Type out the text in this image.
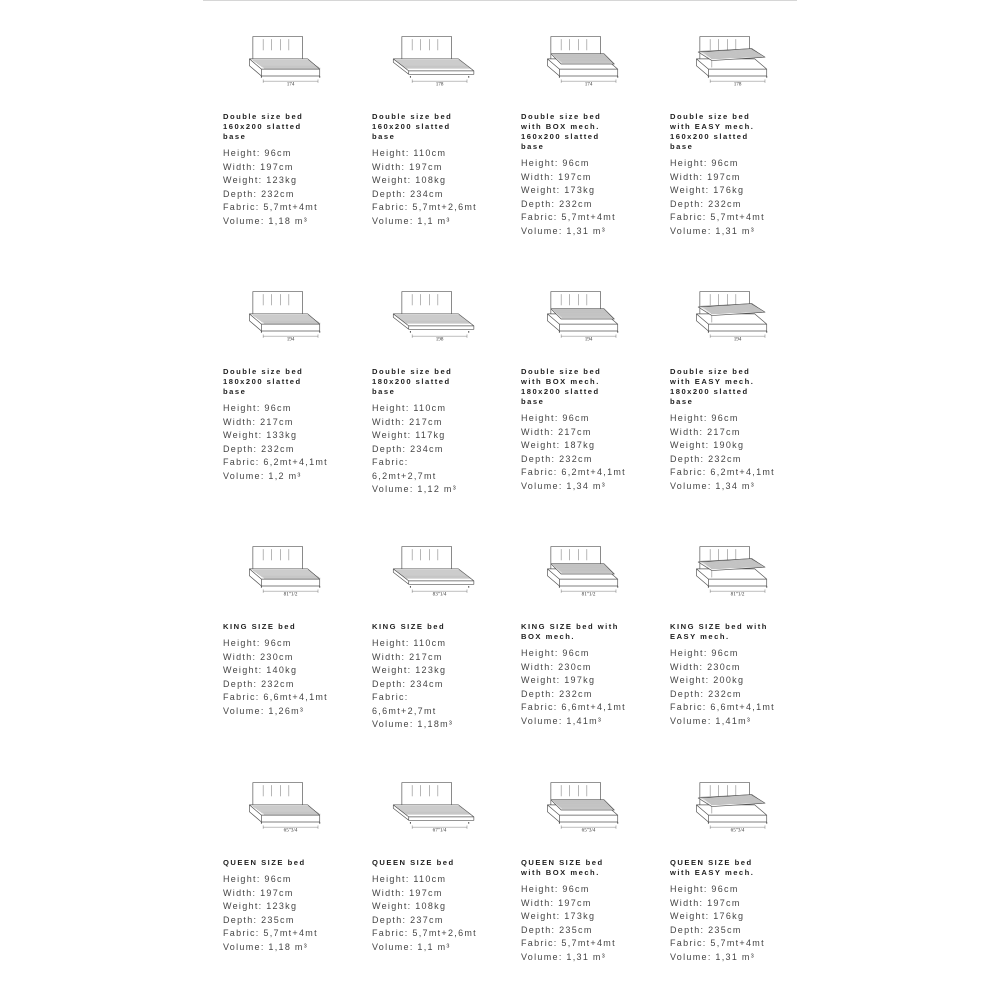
174
Double size bed
160x200 slatted
base
Height: 96cm
Width: 197cm
Weight: 123kg
Depth: 232cm
Fabric: 5,7mt+4mt
Volume: 1,18 m³
178
Double size bed
160x200 slatted
base
Height: 110cm
Width: 197cm
Weight: 108kg
Depth: 234cm
Fabric: 5,7mt+2,6mt
Volume: 1,1 m³
174
Double size bed
with BOX mech.
160x200 slatted
base
Height: 96cm
Width: 197cm
Weight: 173kg
Depth: 232cm
Fabric: 5,7mt+4mt
Volume: 1,31 m³
178
Double size bed
with EASY mech.
160x200 slatted
base
Height: 96cm
Width: 197cm
Weight: 176kg
Depth: 232cm
Fabric: 5,7mt+4mt
Volume: 1,31 m³
194
Double size bed
180x200 slatted
base
Height: 96cm
Width: 217cm
Weight: 133kg
Depth: 232cm
Fabric: 6,2mt+4,1mt
Volume: 1,2 m³
198
Double size bed
180x200 slatted
base
Height: 110cm
Width: 217cm
Weight: 117kg
Depth: 234cm
Fabric:
6,2mt+2,7mt
Volume: 1,12 m³
194
Double size bed
with BOX mech.
180x200 slatted
base
Height: 96cm
Width: 217cm
Weight: 187kg
Depth: 232cm
Fabric: 6,2mt+4,1mt
Volume: 1,34 m³
194
Double size bed
with EASY mech.
180x200 slatted
base
Height: 96cm
Width: 217cm
Weight: 190kg
Depth: 232cm
Fabric: 6,2mt+4,1mt
Volume: 1,34 m³
81"1/2
KING SIZE bed
Height: 96cm
Width: 230cm
Weight: 140kg
Depth: 232cm
Fabric: 6,6mt+4,1mt
Volume: 1,26m³
83"1/4
KING SIZE bed
Height: 110cm
Width: 217cm
Weight: 123kg
Depth: 234cm
Fabric:
6,6mt+2,7mt
Volume: 1,18m³
81"1/2
KING SIZE bed with
BOX mech.
Height: 96cm
Width: 230cm
Weight: 197kg
Depth: 232cm
Fabric: 6,6mt+4,1mt
Volume: 1,41m³
81"1/2
KING SIZE bed with
EASY mech.
Height: 96cm
Width: 230cm
Weight: 200kg
Depth: 232cm
Fabric: 6,6mt+4,1mt
Volume: 1,41m³
65"3/4
QUEEN SIZE bed
Height: 96cm
Width: 197cm
Weight: 123kg
Depth: 235cm
Fabric: 5,7mt+4mt
Volume: 1,18 m³
67"1/4
QUEEN SIZE bed
Height: 110cm
Width: 197cm
Weight: 108kg
Depth: 237cm
Fabric: 5,7mt+2,6mt
Volume: 1,1 m³
65"3/4
QUEEN SIZE bed
with BOX mech.
Height: 96cm
Width: 197cm
Weight: 173kg
Depth: 235cm
Fabric: 5,7mt+4mt
Volume: 1,31 m³
65"3/4
QUEEN SIZE bed
with EASY mech.
Height: 96cm
Width: 197cm
Weight: 176kg
Depth: 235cm
Fabric: 5,7mt+4mt
Volume: 1,31 m³
